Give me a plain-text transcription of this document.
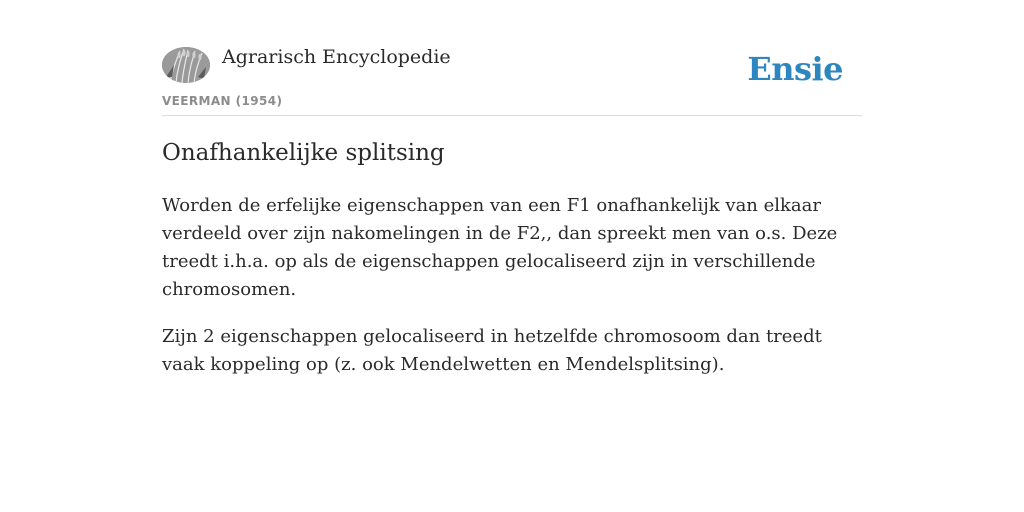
Agrarisch Encyclopedie
VEERMAN (1954)
Ensie
Onafhankelijke splitsing

Worden de erfelijke eigenschappen van een F1 onafhankelijk van elkaar verdeeld over zijn nakomelingen in de F2,, dan spreekt men van o.s. Deze treedt i.h.a. op als de eigenschappen gelocaliseerd zijn in verschillende chromosomen.

Zijn 2 eigenschappen gelocaliseerd in hetzelfde chromosoom dan treedt vaak koppeling op (z. ook Mendelwetten en Mendelsplitsing).
